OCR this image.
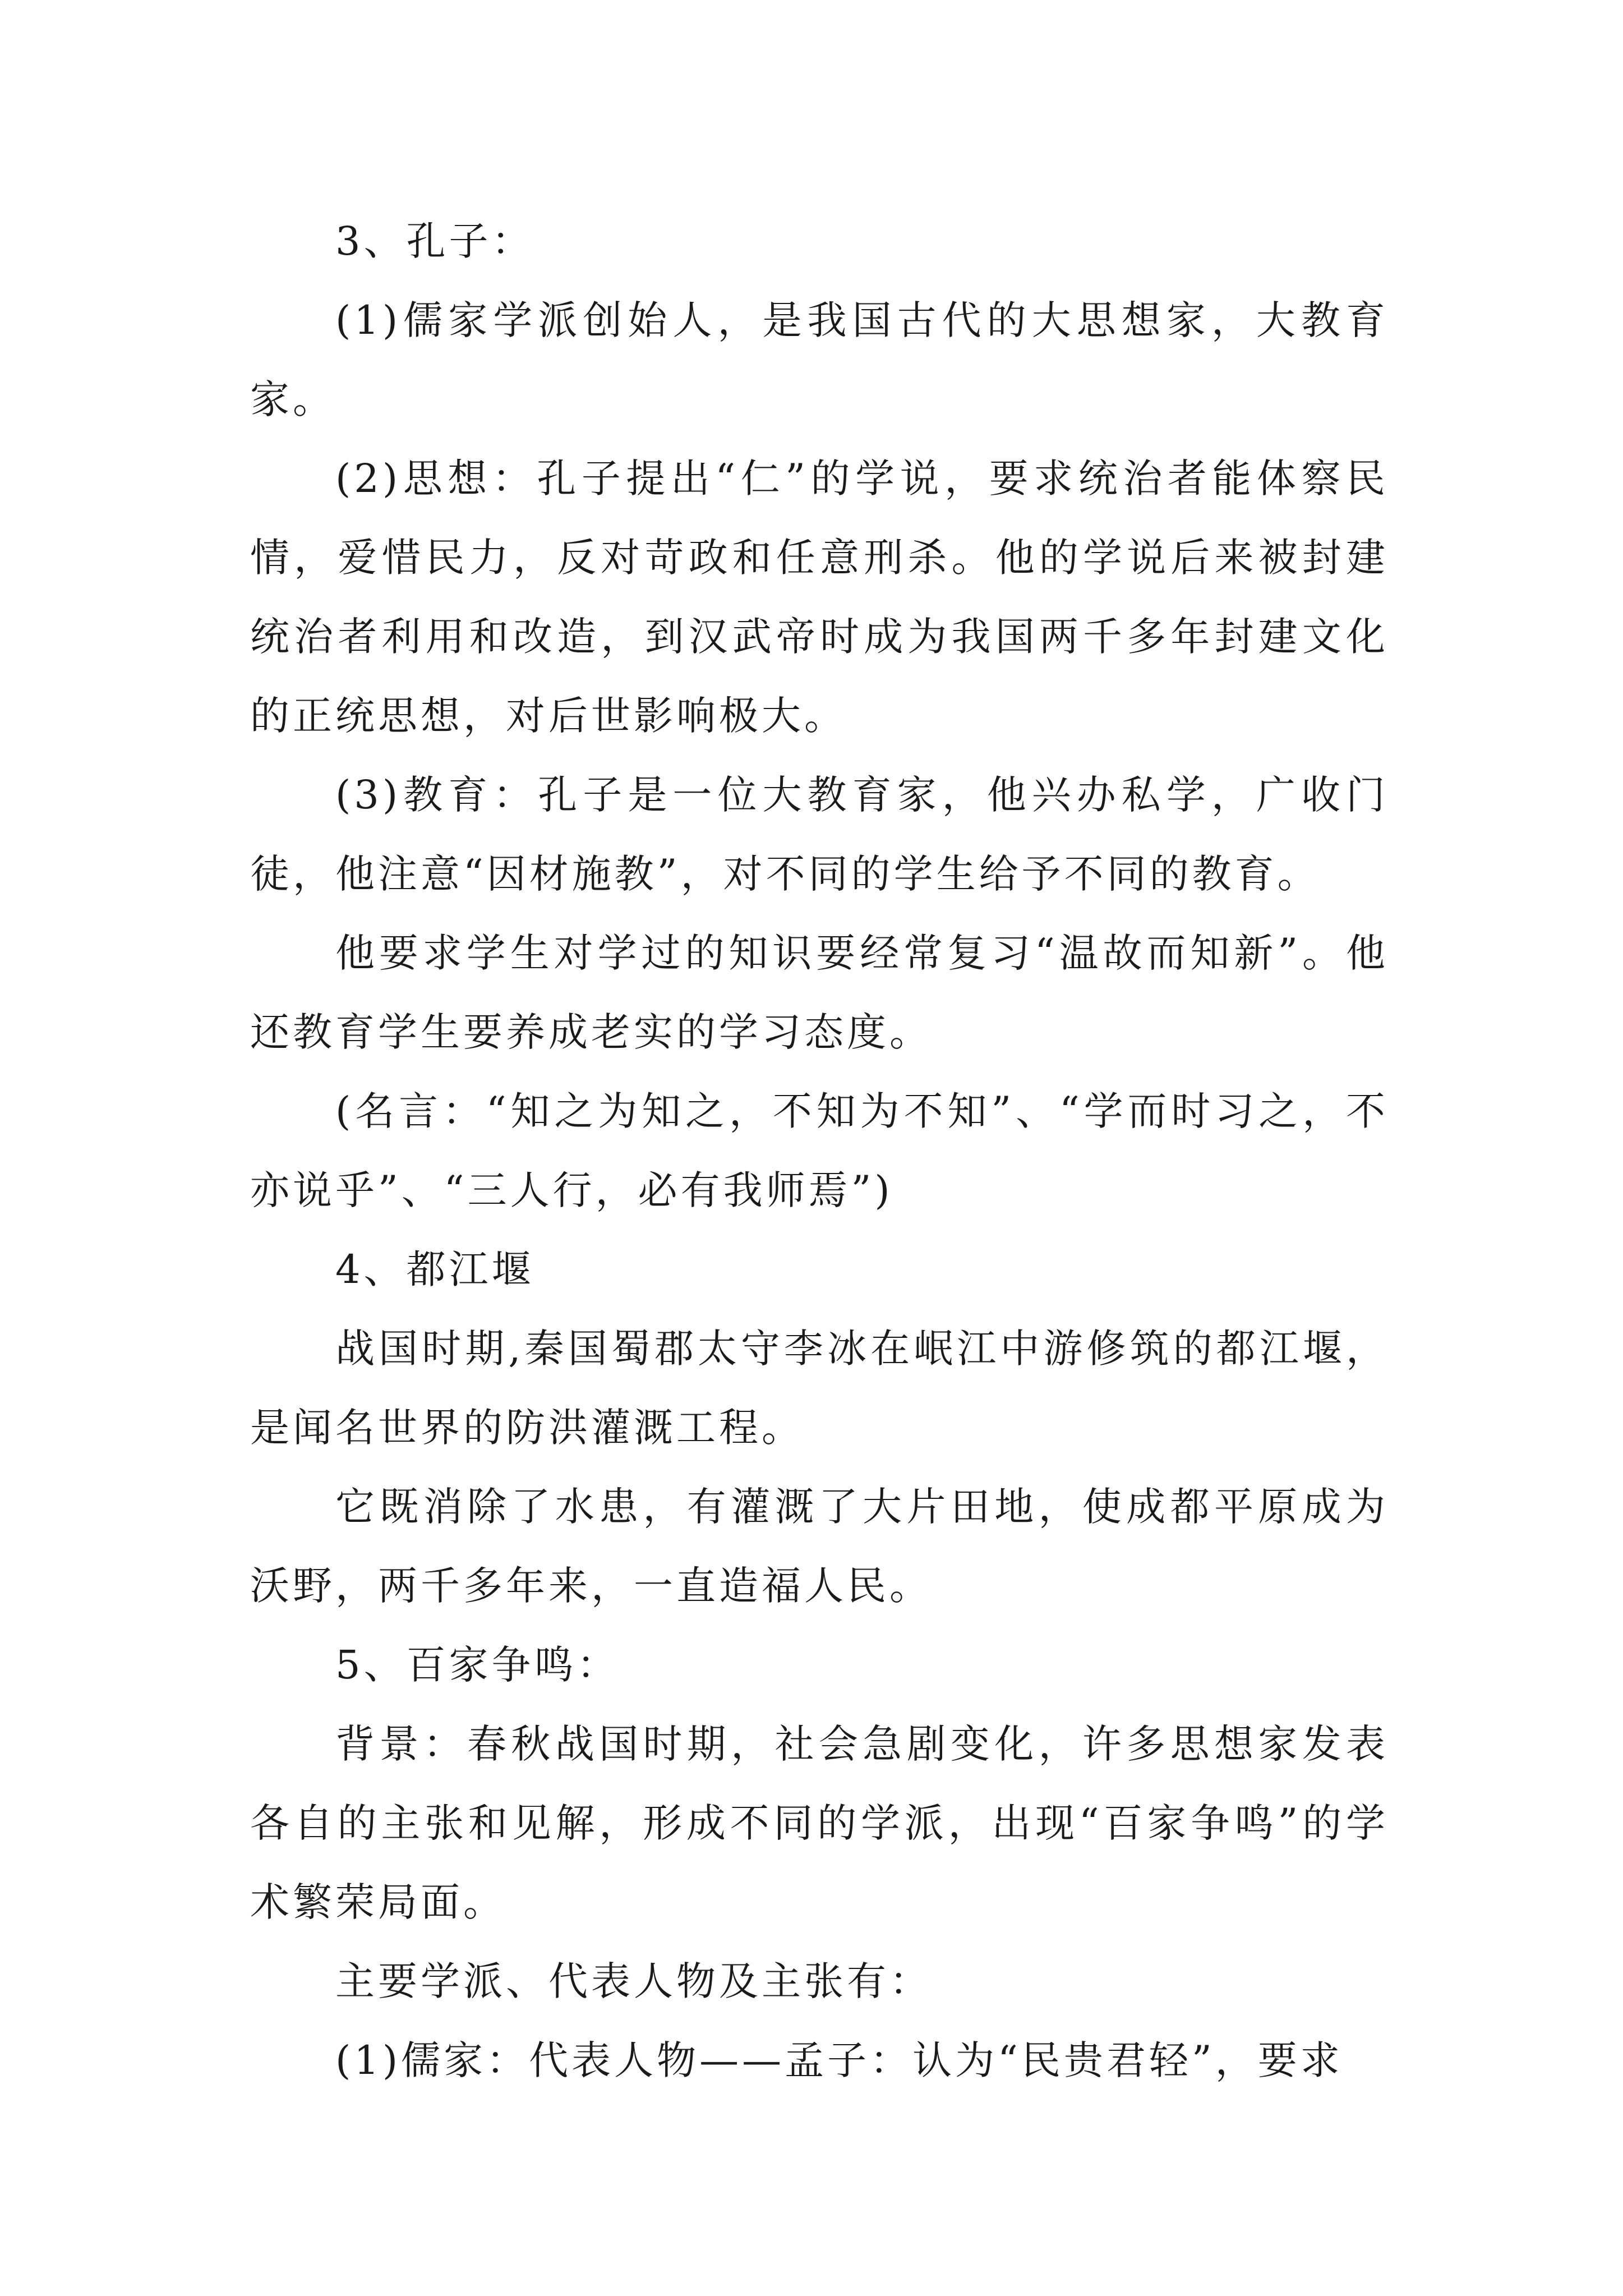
3、孔子：

(1)儒家学派创始人，是我国古代的大思想家，大教育家。

(2)思想：孔子提出“仁”的学说，要求统治者能体察民情，爱惜民力，反对苛政和任意刑杀。他的学说后来被封建统治者利用和改造，到汉武帝时成为我国两千多年封建文化的正统思想，对后世影响极大。

(3)教育：孔子是一位大教育家，他兴办私学，广收门徒，他注意“因材施教”，对不同的学生给予不同的教育。

他要求学生对学过的知识要经常复习“温故而知新”。他还教育学生要养成老实的学习态度。

(名言：“知之为知之，不知为不知”、“学而时习之，不亦说乎”、“三人行，必有我师焉”)

4、都江堰

战国时期,秦国蜀郡太守李冰在岷江中游修筑的都江堰，是闻名世界的防洪灌溉工程。

它既消除了水患，有灌溉了大片田地，使成都平原成为沃野，两千多年来，一直造福人民。

5、百家争鸣：

背景：春秋战国时期，社会急剧变化，许多思想家发表各自的主张和见解，形成不同的学派，出现“百家争鸣”的学术繁荣局面。

主要学派、代表人物及主张有：

(1)儒家：代表人物——孟子：认为“民贵君轻”，要求
